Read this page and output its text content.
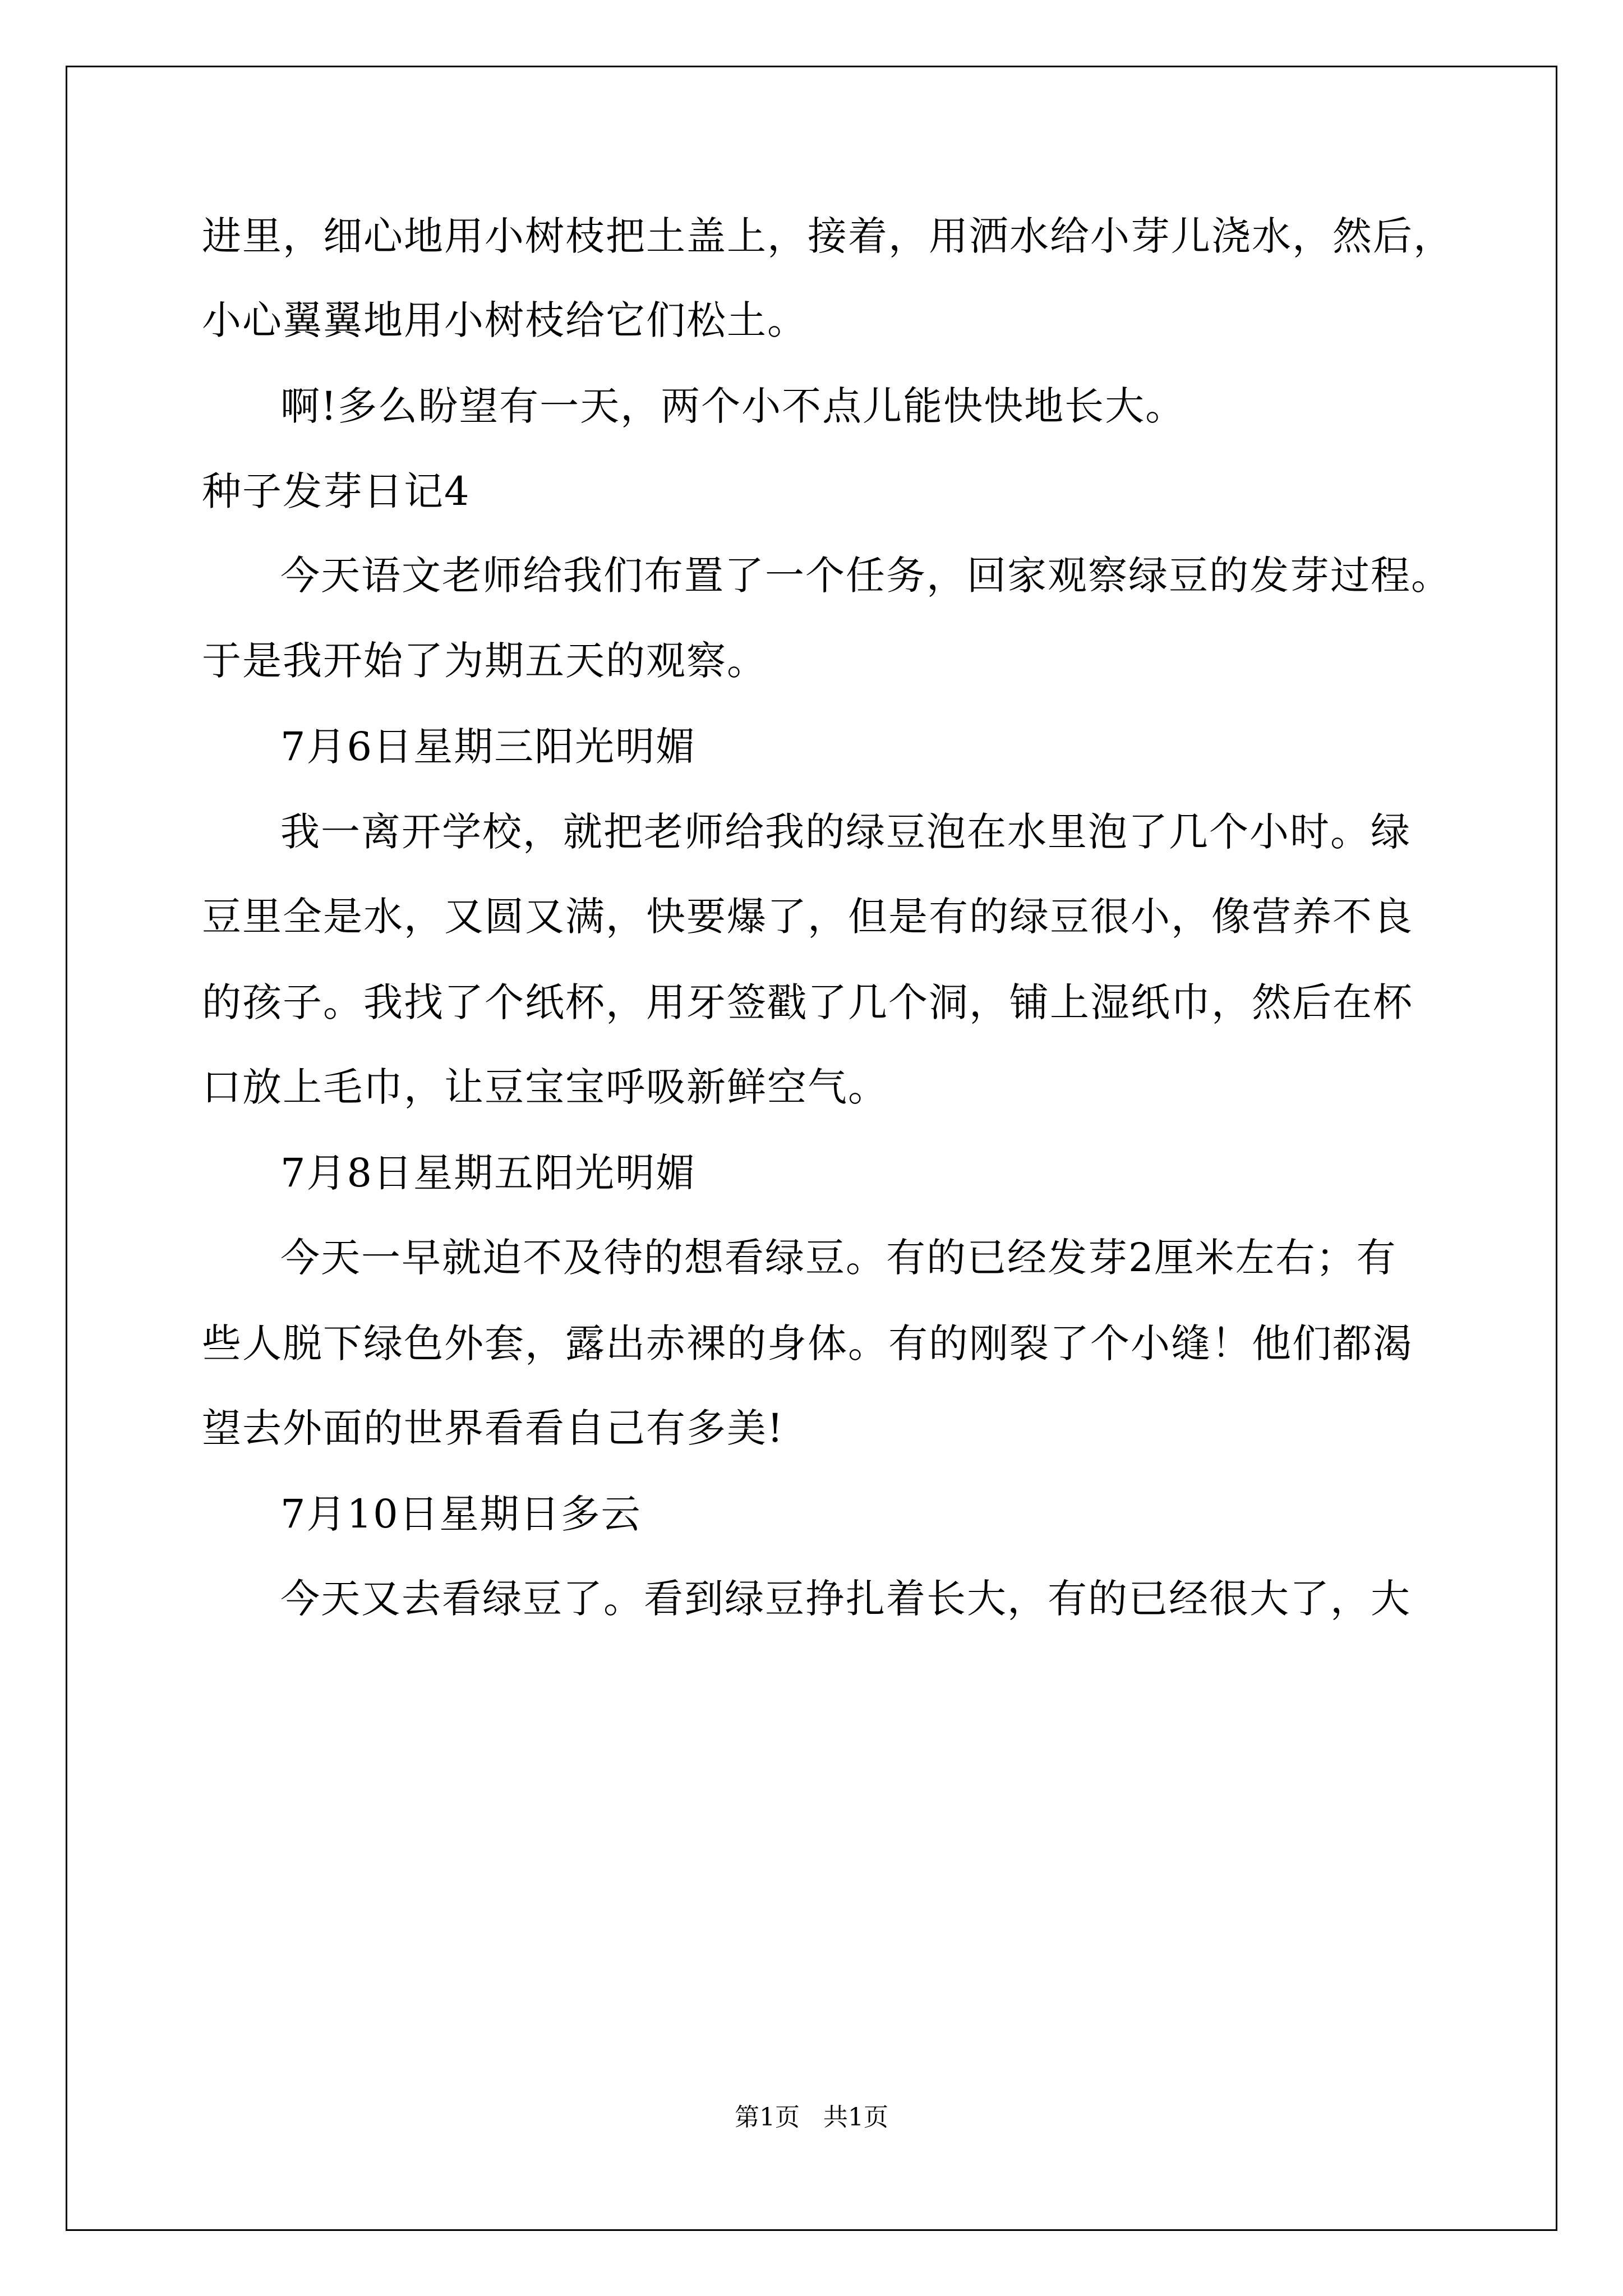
进里，细心地用小树枝把土盖上，接着，用洒水给小芽儿浇水，然后，
小心翼翼地用小树枝给它们松土。
啊!多么盼望有一天，两个小不点儿能快快地长大。
种子发芽日记4
今天语文老师给我们布置了一个任务，回家观察绿豆的发芽过程。
于是我开始了为期五天的观察。
7月6日星期三阳光明媚
我一离开学校，就把老师给我的绿豆泡在水里泡了几个小时。绿
豆里全是水，又圆又满，快要爆了，但是有的绿豆很小，像营养不良
的孩子。我找了个纸杯，用牙签戳了几个洞，铺上湿纸巾，然后在杯
口放上毛巾，让豆宝宝呼吸新鲜空气。
7月8日星期五阳光明媚
今天一早就迫不及待的想看绿豆。有的已经发芽2厘米左右；有
些人脱下绿色外套，露出赤裸的身体。有的刚裂了个小缝！他们都渴
望去外面的世界看看自己有多美!
7月10日星期日多云
今天又去看绿豆了。看到绿豆挣扎着长大，有的已经很大了，大
第1页   共1页
